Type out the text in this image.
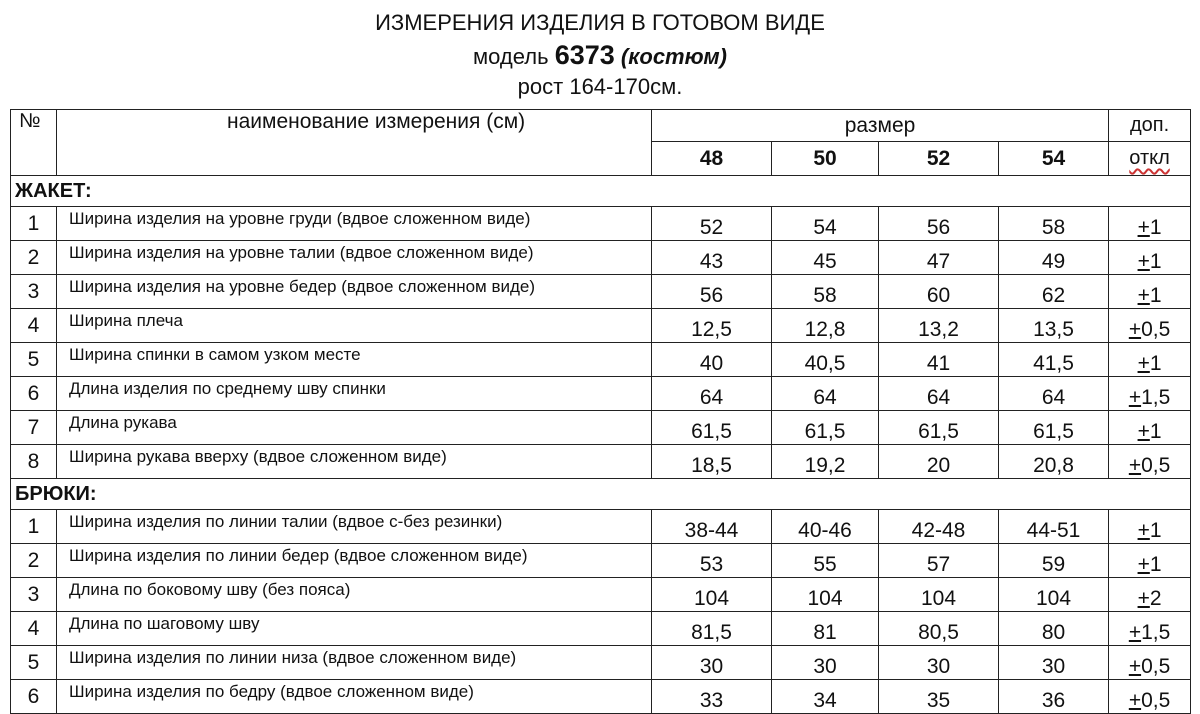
ИЗМЕРЕНИЯ ИЗДЕЛИЯ В ГОТОВОМ ВИДЕ
модель 6373 (костюм)
рост 164-170см.
№	наименование измерения (см)	размер				доп.
		48	50	52	54	откл
ЖАКЕТ:						
1	Ширина изделия на уровне груди (вдвое сложенном виде)	52	54	56	58	+1
2	Ширина изделия на уровне талии (вдвое сложенном виде)	43	45	47	49	+1
3	Ширина изделия на уровне бедер (вдвое сложенном виде)	56	58	60	62	+1
4	Ширина плеча	12,5	12,8	13,2	13,5	+0,5
5	Ширина спинки в самом узком месте	40	40,5	41	41,5	+1
6	Длина изделия по среднему шву спинки	64	64	64	64	+1,5
7	Длина рукава	61,5	61,5	61,5	61,5	+1
8	Ширина рукава вверху (вдвое сложенном виде)	18,5	19,2	20	20,8	+0,5
БРЮКИ:						
1	Ширина изделия по линии талии (вдвое с-без резинки)	38-44	40-46	42-48	44-51	+1
2	Ширина изделия по линии бедер (вдвое сложенном виде)	53	55	57	59	+1
3	Длина по боковому шву (без пояса)	104	104	104	104	+2
4	Длина по шаговому шву	81,5	81	80,5	80	+1,5
5	Ширина изделия по линии низа (вдвое сложенном виде)	30	30	30	30	+0,5
6	Ширина изделия по бедру (вдвое сложенном виде)	33	34	35	36	+0,5
